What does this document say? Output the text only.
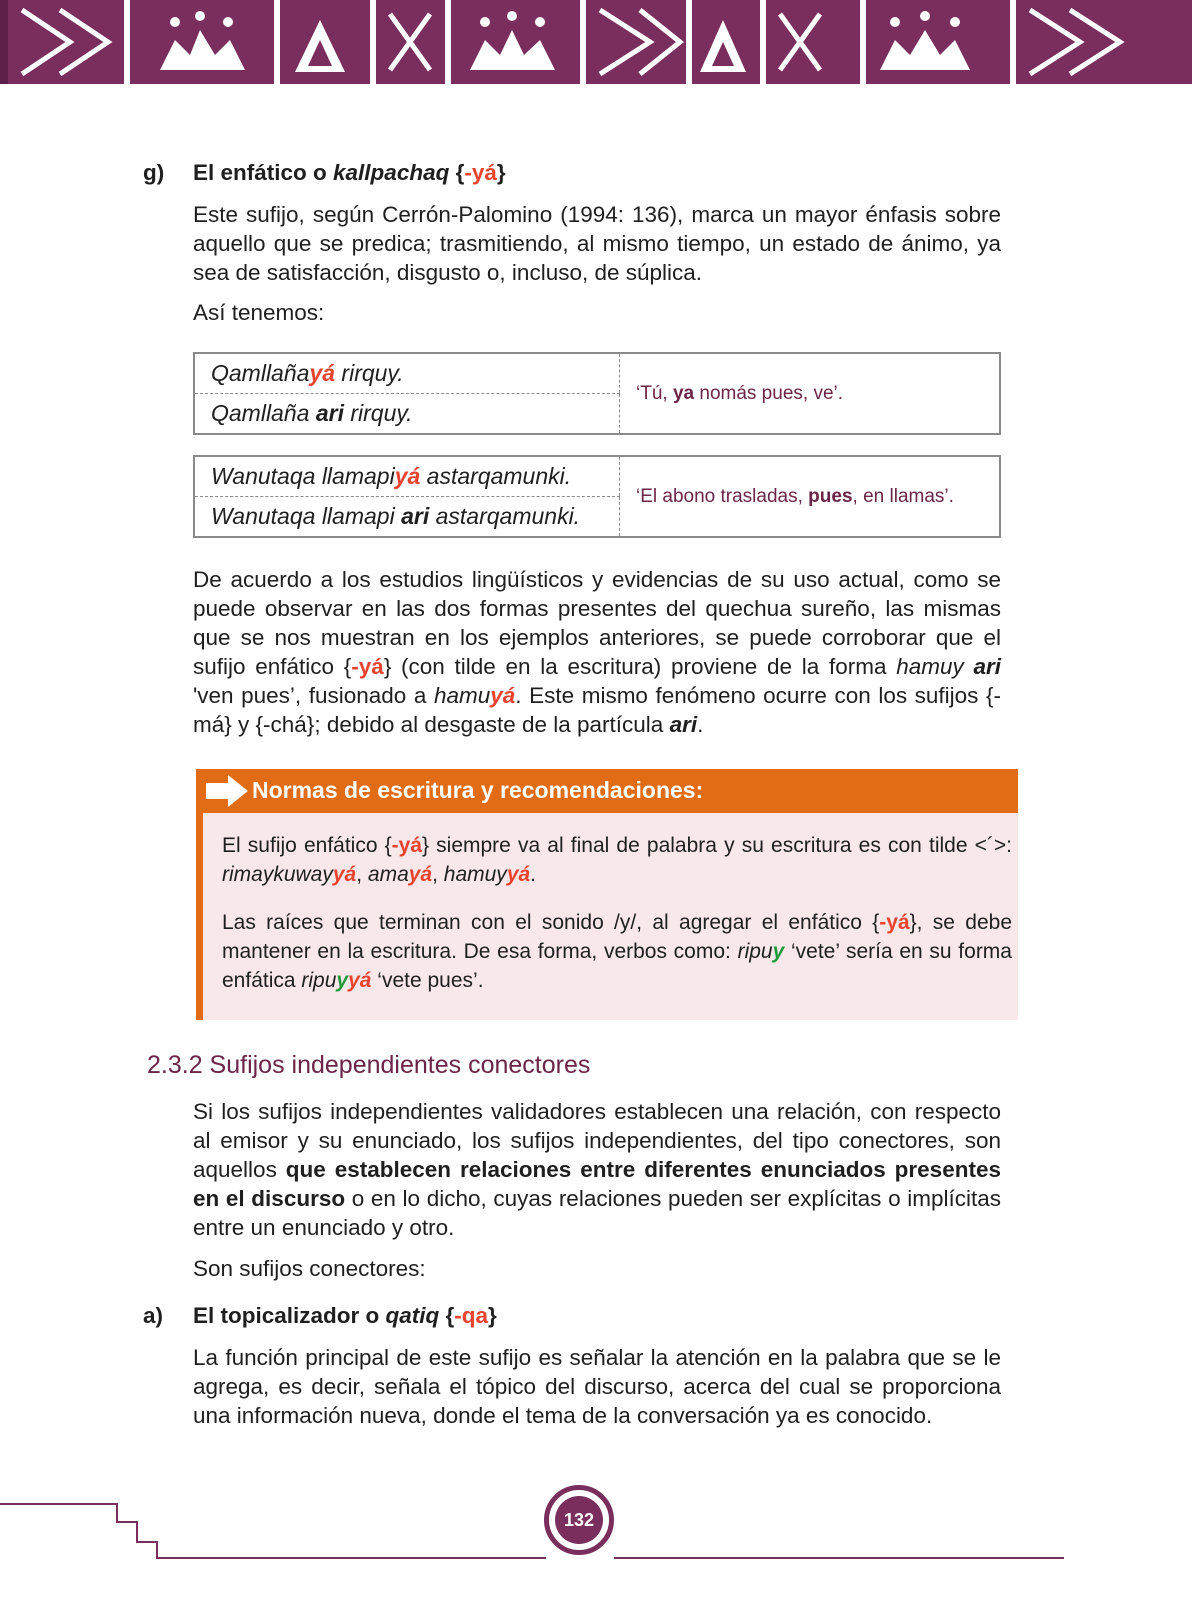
g) El enfático o kallpachaq {-yá}
Este sufijo, según Cerrón-Palomino (1994: 136), marca un mayor énfasis sobre aquello que se predica; trasmitiendo, al mismo tiempo, un estado de ánimo, ya sea de satisfacción, disgusto o, incluso, de súplica.
Así tenemos:
Qamllañayá rirquy.	‘Tú, ya nomás pues, ve’.
Qamllaña ari rirquy.
Wanutaqa llamapiyá astarqamunki.	‘El abono trasladas, pues, en llamas’.
Wanutaqa llamapi ari astarqamunki.
De acuerdo a los estudios lingüísticos y evidencias de su uso actual, como se puede observar en las dos formas presentes del quechua sureño, las mismas que se nos muestran en los ejemplos anteriores, se puede corroborar que el sufijo enfático {-yá} (con tilde en la escritura) proviene de la forma hamuy ari 'ven pues’, fusionado a hamuyá. Este mismo fenómeno ocurre con los sufijos {-má} y {-chá}; debido al desgaste de la partícula ari.
Normas de escritura y recomendaciones:
El sufijo enfático {-yá} siempre va al final de palabra y su escritura es con tilde <´>: rimaykuwayyá, amayá, hamuyyá.
Las raíces que terminan con el sonido /y/, al agregar el enfático {-yá}, se debe mantener en la escritura. De esa forma, verbos como: ripuy ‘vete’ sería en su forma enfática ripuyyá ‘vete pues’.
2.3.2 Sufijos independientes conectores
Si los sufijos independientes validadores establecen una relación, con respecto al emisor y su enunciado, los sufijos independientes, del tipo conectores, son aquellos que establecen relaciones entre diferentes enunciados presentes en el discurso o en lo dicho, cuyas relaciones pueden ser explícitas o implícitas entre un enunciado y otro.
Son sufijos conectores:
a) El topicalizador o qatiq {-qa}
La función principal de este sufijo es señalar la atención en la palabra que se le agrega, es decir, señala el tópico del discurso, acerca del cual se proporciona una información nueva, donde el tema de la conversación ya es conocido.
132
